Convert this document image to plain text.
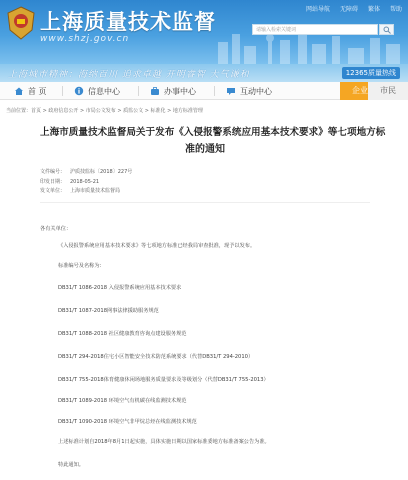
上海质量技术监督
www.shzj.gov.cn
网站导航 无障碍 繁体 帮助
请输入检索关键词
上海城市精神：海纳百川 追求卓越 开明睿智 大气谦和	12365质量热线
首 页	信息中心	办事中心	互动中心	企业	市民
当前位置：首页 > 政府信息公开 > 市局公文发布 > 质监公文 > 标准化 > 地方标准管理
上海市质量技术监督局关于发布《入侵报警系统应用基本技术要求》等七项地方标
准的通知
文件编号： 沪质技监标〔2018〕227号
印发日期： 2018-05-21
发文单位： 上海市质量技术监督局
各有关单位：
《入侵报警系统应用基本技术要求》等七项地方标准已经我局审查批准，现予以发布。
标准编号及名称为：
DB31/T 1086-2018 入侵报警系统应用基本技术要求
DB31/T 1087-2018网事法律援助服务规范
DB31/T 1088-2018 社区健康教育咨询点建设服务规范
DB31/T 294-2018住宅小区智能安全技术防范系统要求（代替DB31/T 294-2010）
DB31/T 755-2018体育健康休闲场地服务质量要求及等级划分（代替DB31/T 755-2013）
DB31/T 1089-2018 环境空气有机碳在线监测技术规范
DB31/T 1090-2018 环境空气非甲烷总烃在线监测技术规范
上述标准计划自2018年8月1日起实施，具体实施日期以国家标准委地方标准备案公告为准。
特此通知。
